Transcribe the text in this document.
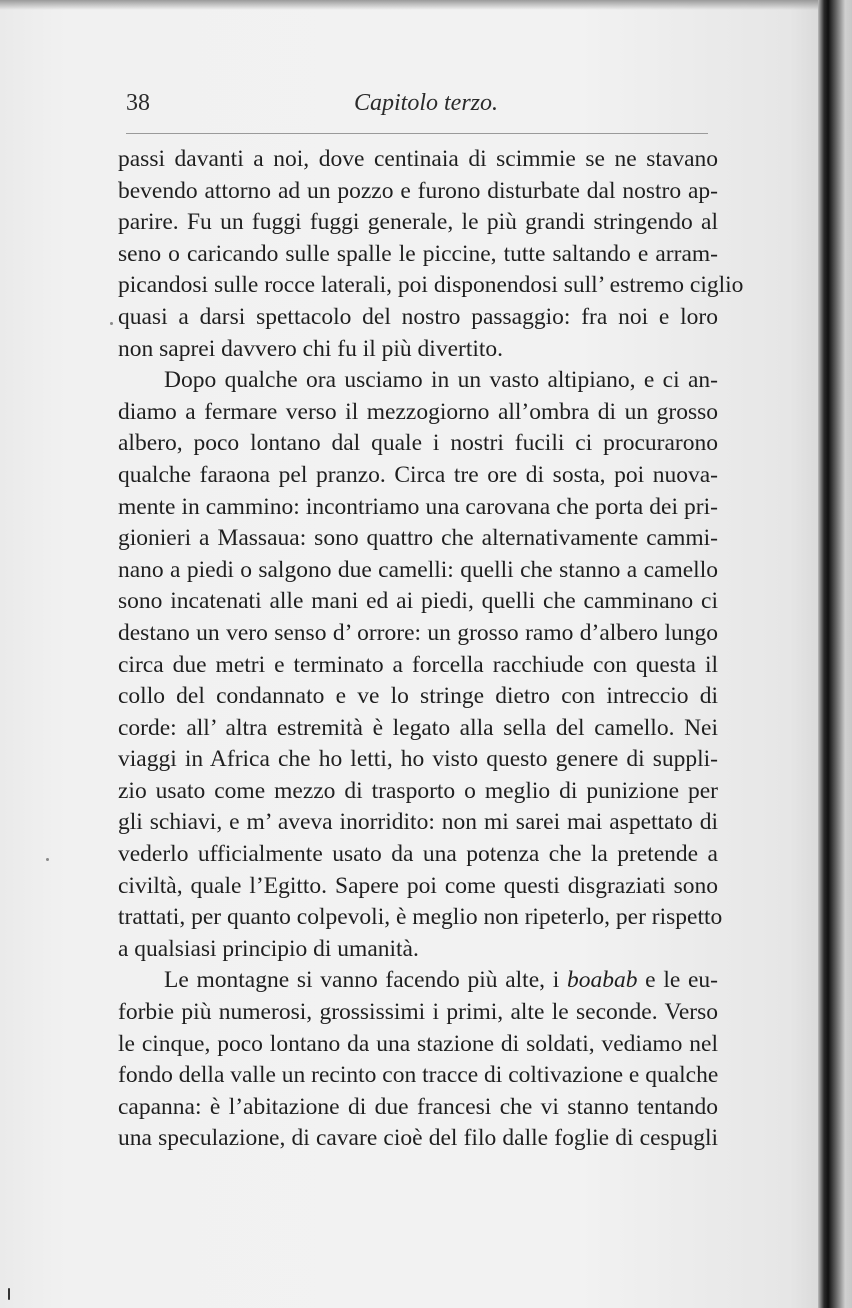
38	Capitolo terzo.
passi davanti a noi, dove centinaia di scimmie se ne stavano
bevendo attorno ad un pozzo e furono disturbate dal nostro ap-
parire. Fu un fuggi fuggi generale, le più grandi stringendo al
seno o caricando sulle spalle le piccine, tutte saltando e arram-
picandosi sulle rocce laterali, poi disponendosi sull’ estremo ciglio
quasi a darsi spettacolo del nostro passaggio: fra noi e loro
non saprei davvero chi fu il più divertito.
Dopo qualche ora usciamo in un vasto altipiano, e ci an-
diamo a fermare verso il mezzogiorno all’ombra di un grosso
albero, poco lontano dal quale i nostri fucili ci procurarono
qualche faraona pel pranzo. Circa tre ore di sosta, poi nuova-
mente in cammino: incontriamo una carovana che porta dei pri-
gionieri a Massaua: sono quattro che alternativamente cammi-
nano a piedi o salgono due camelli: quelli che stanno a camello
sono incatenati alle mani ed ai piedi, quelli che camminano ci
destano un vero senso d’ orrore: un grosso ramo d’albero lungo
circa due metri e terminato a forcella racchiude con questa il
collo del condannato e ve lo stringe dietro con intreccio di
corde: all’ altra estremità è legato alla sella del camello. Nei
viaggi in Africa che ho letti, ho visto questo genere di suppli-
zio usato come mezzo di trasporto o meglio di punizione per
gli schiavi, e m’ aveva inorridito: non mi sarei mai aspettato di
vederlo ufficialmente usato da una potenza che la pretende a
civiltà, quale l’Egitto. Sapere poi come questi disgraziati sono
trattati, per quanto colpevoli, è meglio non ripeterlo, per rispetto
a qualsiasi principio di umanità.
Le montagne si vanno facendo più alte, i boabab e le eu-
forbie più numerosi, grossissimi i primi, alte le seconde. Verso
le cinque, poco lontano da una stazione di soldati, vediamo nel
fondo della valle un recinto con tracce di coltivazione e qualche
capanna: è l’abitazione di due francesi che vi stanno tentando
una speculazione, di cavare cioè del filo dalle foglie di cespugli
